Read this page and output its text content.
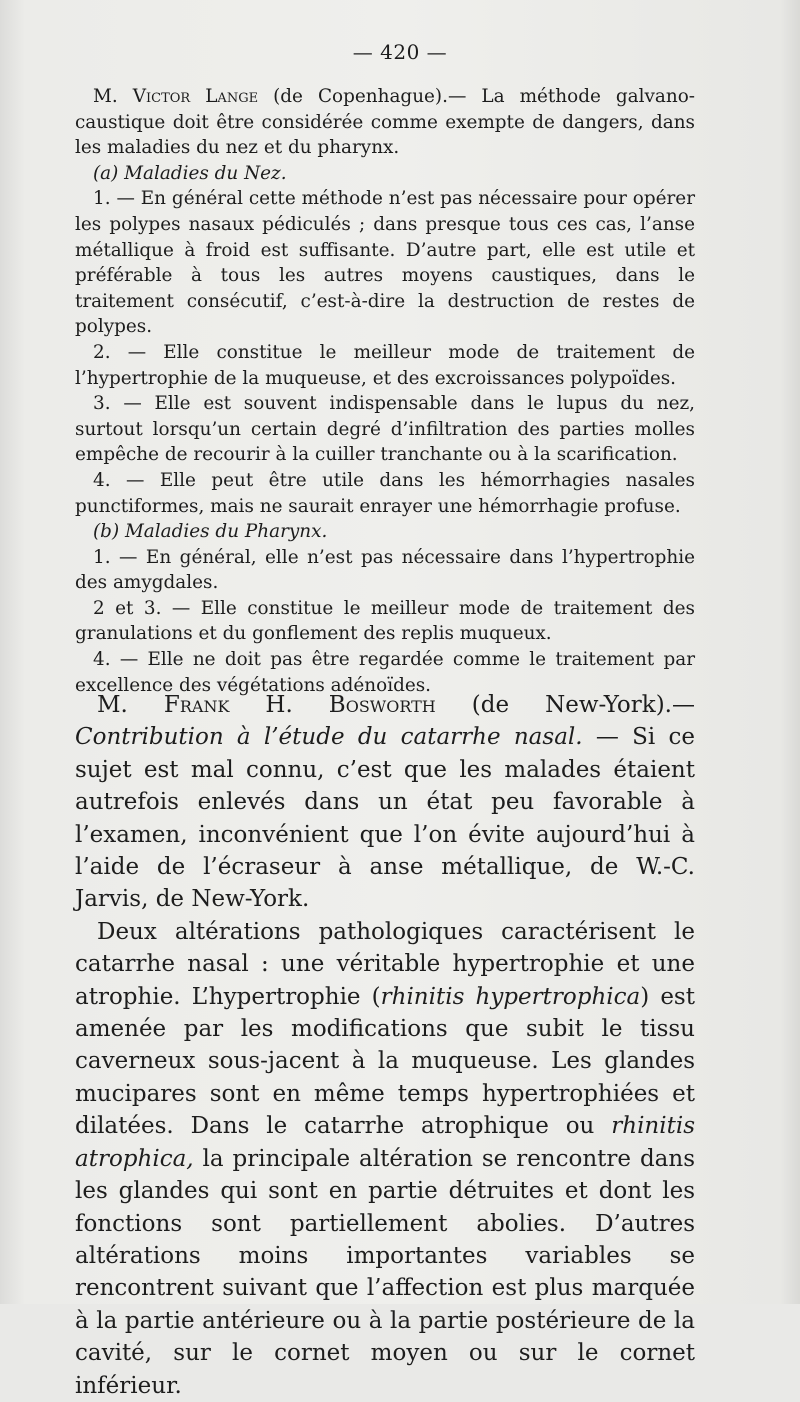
— 420 —

M. Victor Lange (de Copenhague).— La méthode galvano-caustique doit être considérée comme exempte de dangers, dans les maladies du nez et du pharynx.

(a) Maladies du Nez.

1. — En général cette méthode n’est pas nécessaire pour opérer les polypes nasaux pédiculés ; dans presque tous ces cas, l’anse métallique à froid est suffisante. D’autre part, elle est utile et préférable à tous les autres moyens caustiques, dans le traitement consécutif, c’est-à-dire la destruction de restes de polypes.

2. — Elle constitue le meilleur mode de traitement de l’hypertrophie de la muqueuse, et des excroissances polypoïdes.

3. — Elle est souvent indispensable dans le lupus du nez, surtout lorsqu’un certain degré d’infiltration des parties molles empêche de recourir à la cuiller tranchante ou à la scarification.

4. — Elle peut être utile dans les hémorrhagies nasales punctiformes, mais ne saurait enrayer une hémorrhagie profuse.

(b) Maladies du Pharynx.

1. — En général, elle n’est pas nécessaire dans l’hypertrophie des amygdales.

2 et 3. — Elle constitue le meilleur mode de traitement des granulations et du gonflement des replis muqueux.

4. — Elle ne doit pas être regardée comme le traitement par excellence des végétations adénoïdes.

M. Frank H. Bosworth (de New-York).— Contribution à l’étude du catarrhe nasal. — Si ce sujet est mal connu, c’est que les malades étaient autrefois enlevés dans un état peu favorable à l’examen, inconvénient que l’on évite aujourd’hui à l’aide de l’écraseur à anse métallique, de W.-C. Jarvis, de New-York.

Deux altérations pathologiques caractérisent le catarrhe nasal : une véritable hypertrophie et une atrophie. L’hypertrophie (rhinitis hypertrophica) est amenée par les modifications que subit le tissu caverneux sous-jacent à la muqueuse. Les glandes mucipares sont en même temps hypertrophiées et dilatées. Dans le catarrhe atrophique ou rhinitis atrophica, la principale altération se rencontre dans les glandes qui sont en partie détruites et dont les fonctions sont partiellement abolies. D’autres altérations moins importantes variables se rencontrent suivant que l’affection est plus marquée à la partie antérieure ou à la partie postérieure de la cavité, sur le cornet moyen ou sur le cornet inférieur.
